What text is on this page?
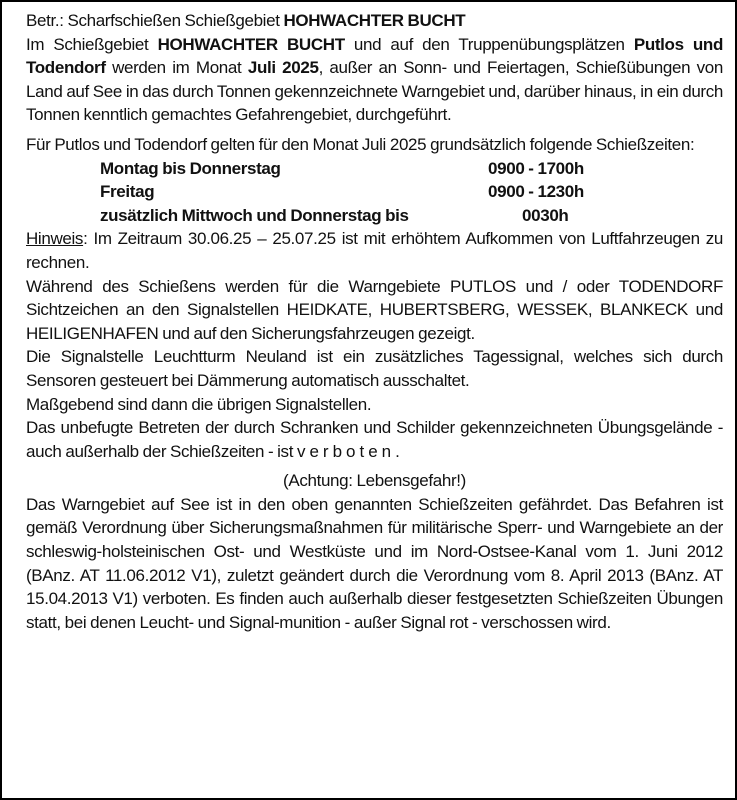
Betr.: Scharfschießen Schießgebiet HOHWACHTER BUCHT

Im Schießgebiet HOHWACHTER BUCHT und auf den Truppenübungsplätzen Putlos und Todendorf werden im Monat Juli 2025, außer an Sonn- und Feiertagen, Schießübungen von Land auf See in das durch Tonnen gekennzeichnete Warngebiet und, darüber hinaus, in ein durch Tonnen kenntlich gemachtes Gefahrengebiet, durchgeführt.

Für Putlos und Todendorf gelten für den Monat Juli 2025 grundsätzlich folgende Schießzeiten:

Montag bis Donnerstag	0900 - 1700h
Freitag	0900 - 1230h
zusätzlich Mittwoch und Donnerstag bis	0030h

Hinweis: Im Zeitraum 30.06.25 – 25.07.25 ist mit erhöhtem Aufkommen von Luftfahrzeugen zu rechnen.

Während des Schießens werden für die Warngebiete PUTLOS und / oder TODENDORF Sichtzeichen an den Signalstellen HEIDKATE, HUBERTSBERG, WESSEK, BLANKECK und HEILIGENHAFEN und auf den Sicherungsfahrzeugen gezeigt.

Die Signalstelle Leuchtturm Neuland ist ein zusätzliches Tagessignal, welches sich durch Sensoren gesteuert bei Dämmerung automatisch ausschaltet.

Maßgebend sind dann die übrigen Signalstellen.

Das unbefugte Betreten der durch Schranken und Schilder gekennzeichneten Übungsgelände - auch außerhalb der Schießzeiten - ist verboten.

(Achtung: Lebensgefahr!)

Das Warngebiet auf See ist in den oben genannten Schießzeiten gefährdet. Das Befahren ist gemäß Verordnung über Sicherungsmaßnahmen für militärische Sperr- und Warngebiete an der schleswig-holsteinischen Ost- und Westküste und im Nord-Ostsee-Kanal vom 1. Juni 2012 (BAnz. AT 11.06.2012 V1), zuletzt geändert durch die Verordnung vom 8. April 2013 (BAnz. AT 15.04.2013 V1) verboten. Es finden auch außerhalb dieser festgesetzten Schießzeiten Übungen statt, bei denen Leucht- und Signal-munition - außer Signal rot - verschossen wird.
